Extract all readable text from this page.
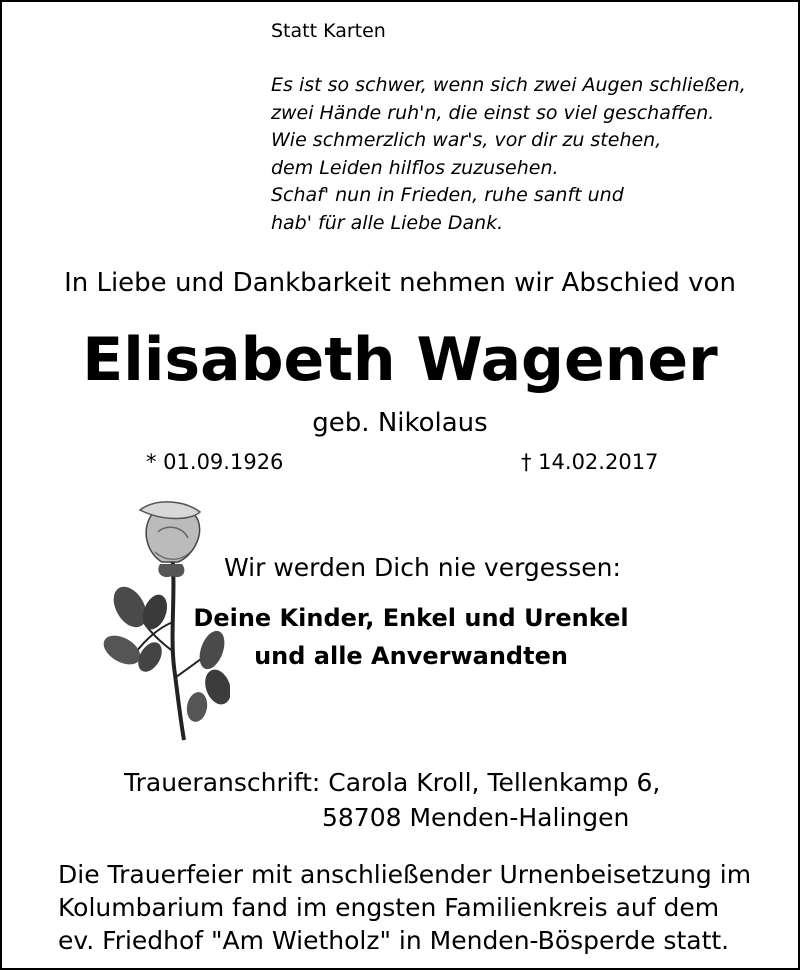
Statt Karten
Es ist so schwer, wenn sich zwei Augen schließen,
zwei Hände ruh'n, die einst so viel geschaffen.
Wie schmerzlich war's, vor dir zu stehen,
dem Leiden hilflos zuzusehen.
Schaf' nun in Frieden, ruhe sanft und
hab' für alle Liebe Dank.
In Liebe und Dankbarkeit nehmen wir Abschied von
Elisabeth Wagener
geb. Nikolaus
* 01.09.1926	† 14.02.2017
Wir werden Dich nie vergessen:
Deine Kinder, Enkel und Urenkel
und alle Anverwandten
Traueranschrift: Carola Kroll, Tellenkamp 6,
58708 Menden-Halingen
Die Trauerfeier mit anschließender Urnenbeisetzung im
Kolumbarium fand im engsten Familienkreis auf dem
ev. Friedhof "Am Wietholz" in Menden-Bösperde statt.
